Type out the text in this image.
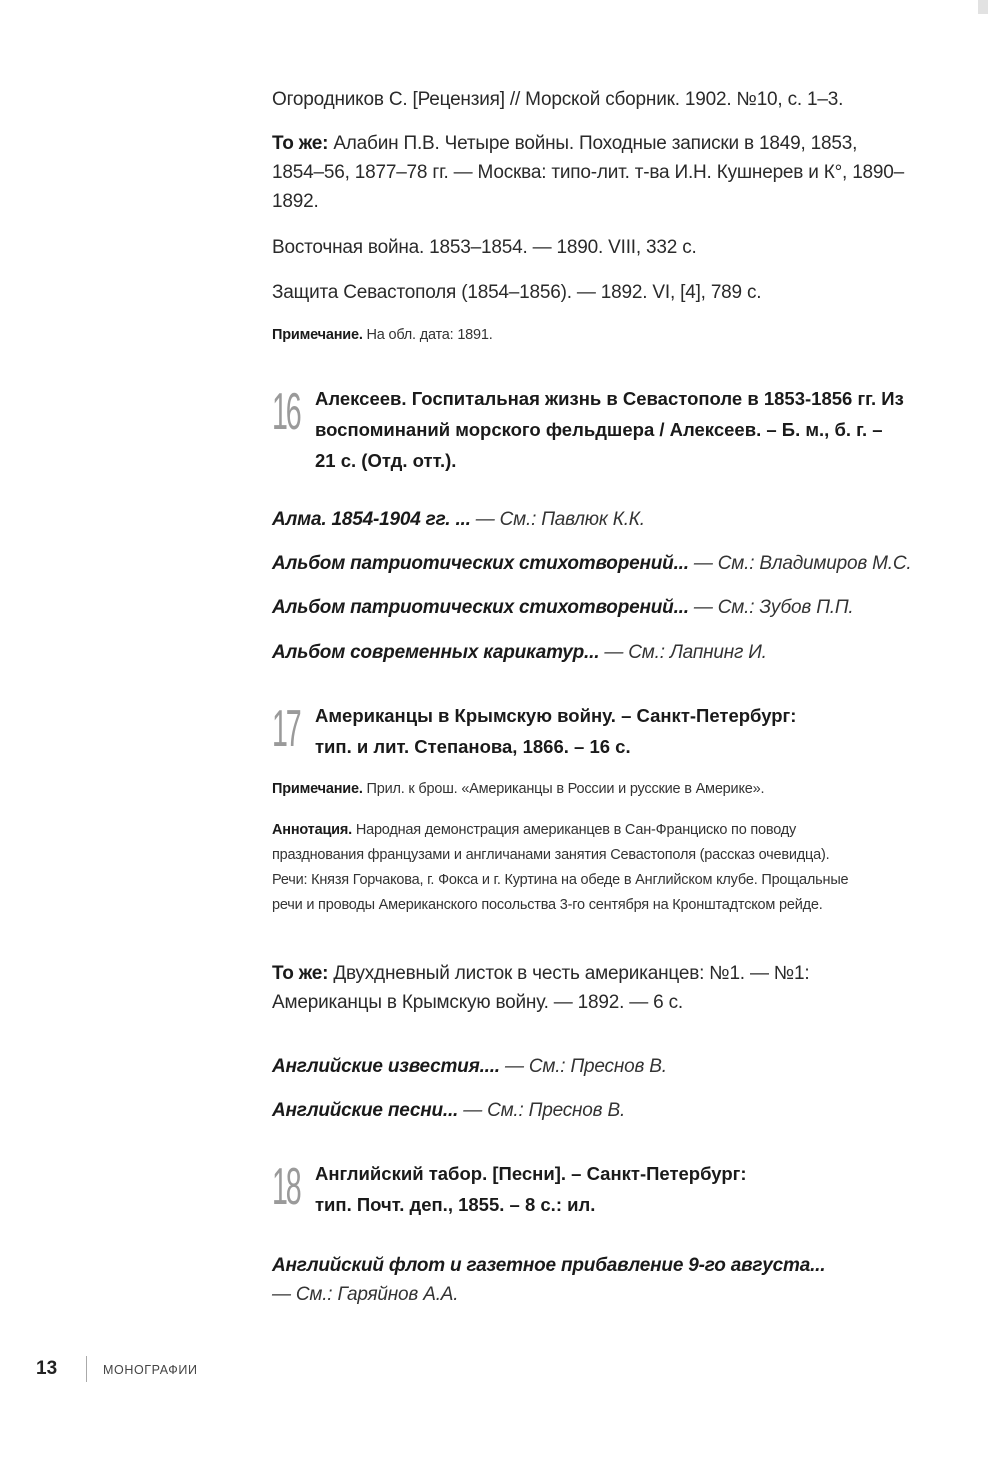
Огородников С. [Рецензия] // Морской сборник. 1902. №10, с. 1–3.

То же: Алабин П.В. Четыре войны. Походные записки в 1849, 1853, 1854–56, 1877–78 гг. — Москва: типо-лит. т-ва И.Н. Кушнерев и К°, 1890–1892.

Восточная война. 1853–1854. — 1890. VIII, 332 с.

Защита Севастополя (1854–1856). — 1892. VI, [4], 789 с.

Примечание. На обл. дата: 1891.

16 Алексеев. Госпитальная жизнь в Севастополе в 1853-1856 гг. Из воспоминаний морского фельдшера / Алексеев. – Б. м., б. г. – 21 с. (Отд. отт.).

Алма. 1854-1904 гг. ... — См.: Павлюк К.К.

Альбом патриотических стихотворений... — См.: Владимиров М.С.

Альбом патриотических стихотворений... — См.: Зубов П.П.

Альбом современных карикатур... — См.: Лапнинг И.

17 Американцы в Крымскую войну. – Санкт-Петербург: тип. и лит. Степанова, 1866. – 16 с.

Примечание. Прил. к брош. «Американцы в России и русские в Америке».

Аннотация. Народная демонстрация американцев в Сан-Франциско по поводу празднования французами и англичанами занятия Севастополя (рассказ очевидца). Речи: Князя Горчакова, г. Фокса и г. Куртина на обеде в Английском клубе. Прощальные речи и проводы Американского посольства 3-го сентября на Кронштадтском рейде.

То же: Двухдневный листок в честь американцев: №1. — №1: Американцы в Крымскую войну. — 1892. — 6 с.

Английские известия.... — См.: Преснов В.

Английские песни... — См.: Преснов В.

18 Английский табор. [Песни]. – Санкт-Петербург: тип. Почт. деп., 1855. – 8 с.: ил.

Английский флот и газетное прибавление 9-го августа... — См.: Гаряйнов А.А.

13	МОНОГРАФИИ
